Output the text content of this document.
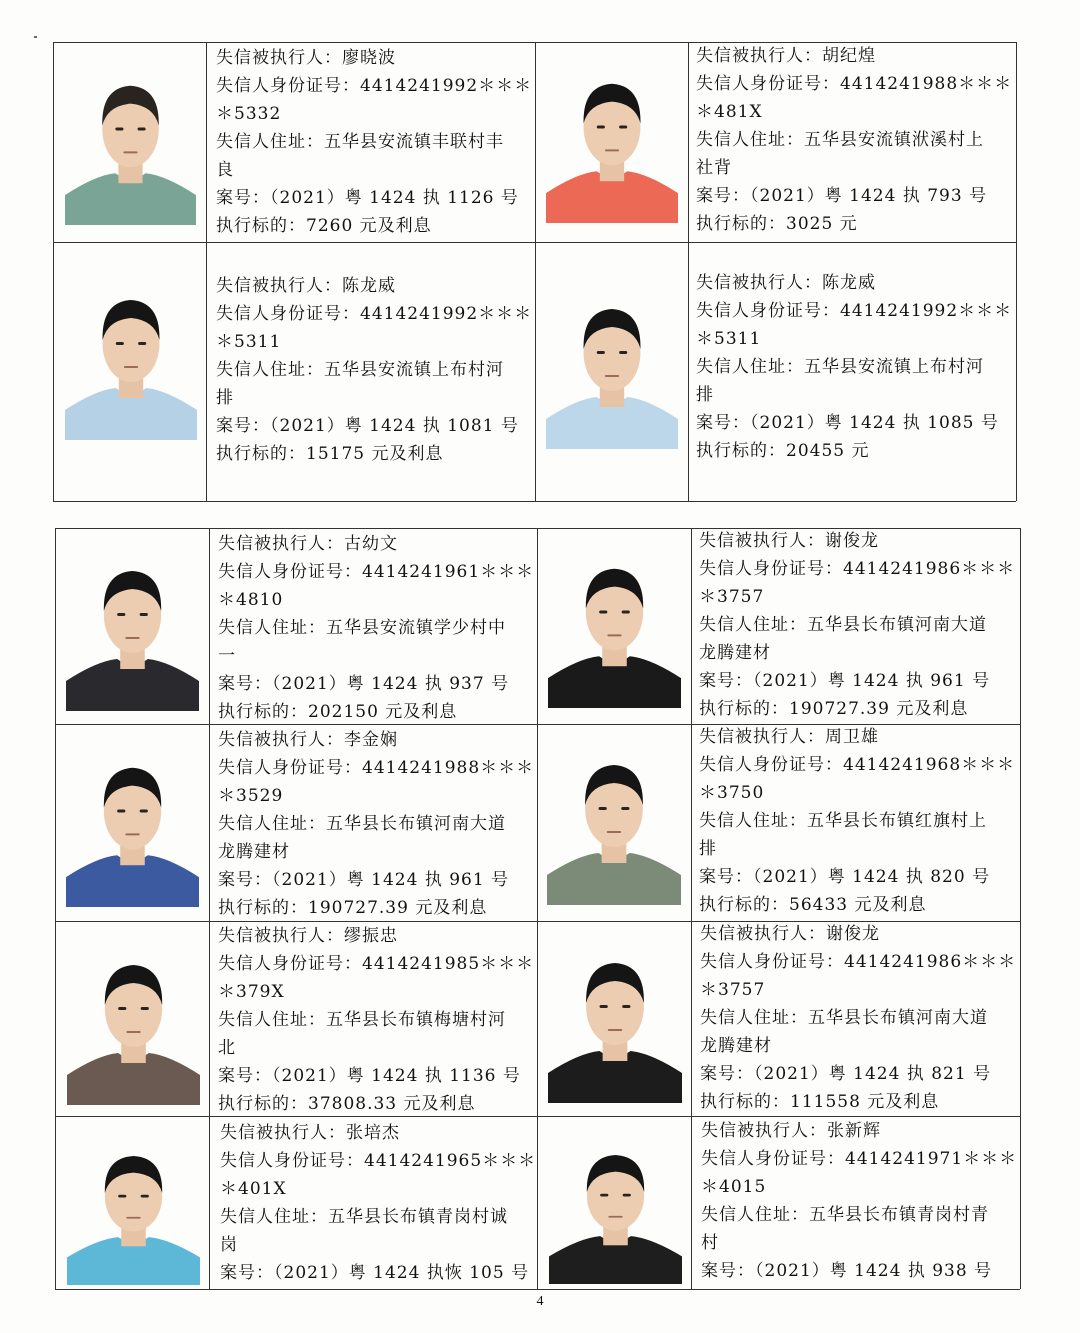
失信被执行人：廖晓波
失信人身份证号：4414241992＊＊＊
＊5332
失信人住址：五华县安流镇丰联村丰
良
案号：（2021）粤 1424 执 1126 号
执行标的：7260 元及利息
失信被执行人：胡纪煌
失信人身份证号：4414241988＊＊＊
＊481X
失信人住址：五华县安流镇洑溪村上
社背
案号：（2021）粤 1424 执 793 号
执行标的：3025 元
失信被执行人：陈龙威
失信人身份证号：4414241992＊＊＊
＊5311
失信人住址：五华县安流镇上布村河
排
案号：（2021）粤 1424 执 1081 号
执行标的：15175 元及利息
失信被执行人：陈龙威
失信人身份证号：4414241992＊＊＊
＊5311
失信人住址：五华县安流镇上布村河
排
案号：（2021）粤 1424 执 1085 号
执行标的：20455 元
失信被执行人：古幼文
失信人身份证号：4414241961＊＊＊
＊4810
失信人住址：五华县安流镇学少村中
一
案号：（2021）粤 1424 执 937 号
执行标的：202150 元及利息
失信被执行人：谢俊龙
失信人身份证号：4414241986＊＊＊
＊3757
失信人住址：五华县长布镇河南大道
龙腾建材
案号：（2021）粤 1424 执 961 号
执行标的：190727.39 元及利息
失信被执行人：李金娴
失信人身份证号：4414241988＊＊＊
＊3529
失信人住址：五华县长布镇河南大道
龙腾建材
案号：（2021）粤 1424 执 961 号
执行标的：190727.39 元及利息
失信被执行人：周卫雄
失信人身份证号：4414241968＊＊＊
＊3750
失信人住址：五华县长布镇红旗村上
排
案号：（2021）粤 1424 执 820 号
执行标的：56433 元及利息
失信被执行人：缪振忠
失信人身份证号：4414241985＊＊＊
＊379X
失信人住址：五华县长布镇梅塘村河
北
案号：（2021）粤 1424 执 1136 号
执行标的：37808.33 元及利息
失信被执行人：谢俊龙
失信人身份证号：4414241986＊＊＊
＊3757
失信人住址：五华县长布镇河南大道
龙腾建材
案号：（2021）粤 1424 执 821 号
执行标的：111558 元及利息
失信被执行人：张培杰
失信人身份证号：4414241965＊＊＊
＊401X
失信人住址：五华县长布镇青岗村诚
岗
案号：（2021）粤 1424 执恢 105 号
失信被执行人：张新辉
失信人身份证号：4414241971＊＊＊
＊4015
失信人住址：五华县长布镇青岗村青
村
案号：（2021）粤 1424 执 938 号
4
